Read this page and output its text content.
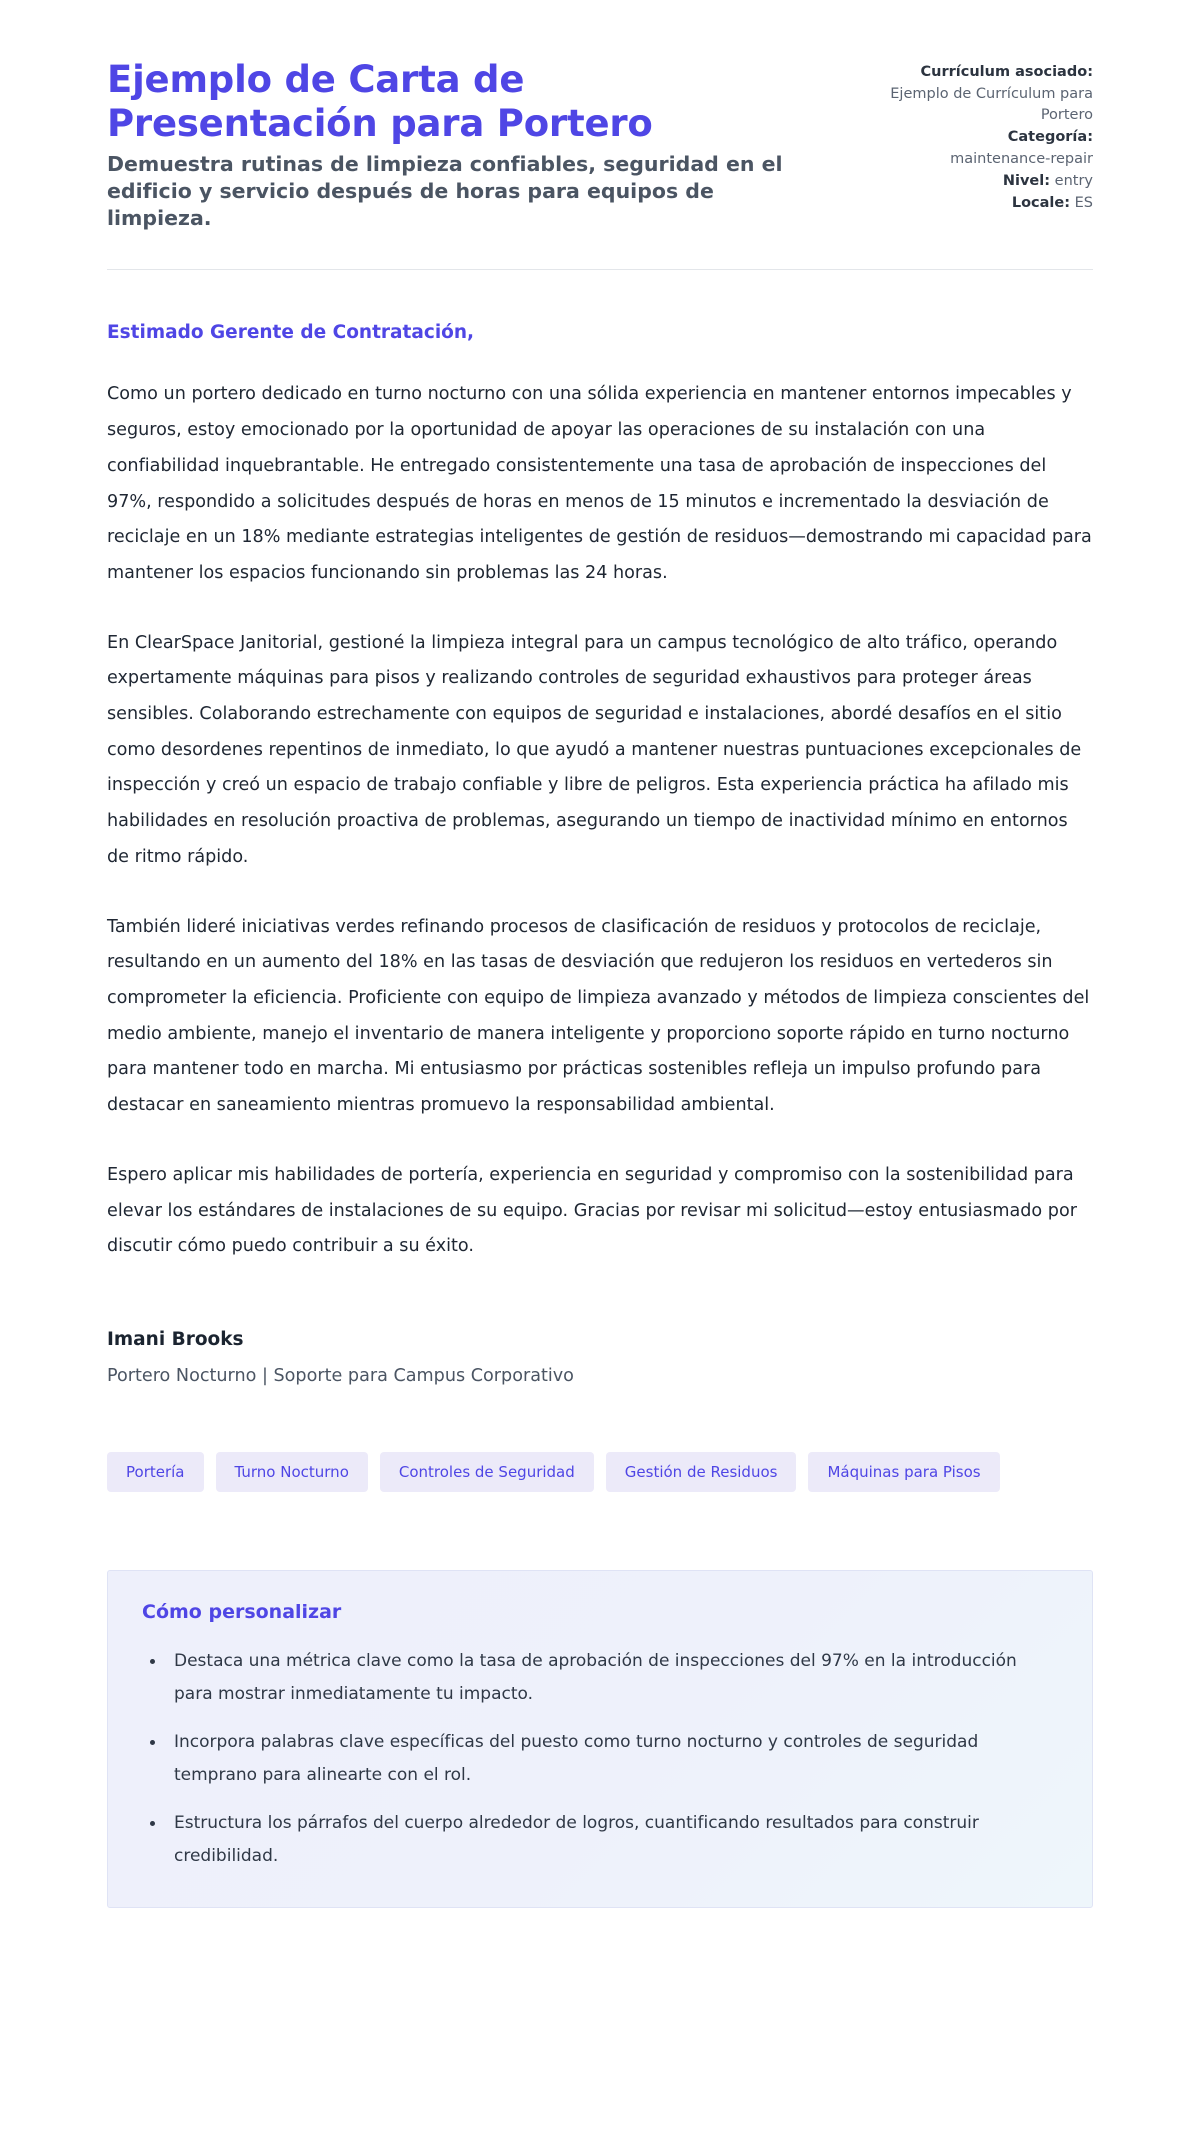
Ejemplo de Carta de Presentación para Portero

Demuestra rutinas de limpieza confiables, seguridad en el edificio y servicio después de horas para equipos de limpieza.

Currículum asociado:
Ejemplo de Currículum para Portero
Categoría:
maintenance-repair
Nivel: entry
Locale: ES

Estimado Gerente de Contratación,

Como un portero dedicado en turno nocturno con una sólida experiencia en mantener entornos impecables y seguros, estoy emocionado por la oportunidad de apoyar las operaciones de su instalación con una confiabilidad inquebrantable. He entregado consistentemente una tasa de aprobación de inspecciones del 97%, respondido a solicitudes después de horas en menos de 15 minutos e incrementado la desviación de reciclaje en un 18% mediante estrategias inteligentes de gestión de residuos—demostrando mi capacidad para mantener los espacios funcionando sin problemas las 24 horas.

En ClearSpace Janitorial, gestioné la limpieza integral para un campus tecnológico de alto tráfico, operando expertamente máquinas para pisos y realizando controles de seguridad exhaustivos para proteger áreas sensibles. Colaborando estrechamente con equipos de seguridad e instalaciones, abordé desafíos en el sitio como desordenes repentinos de inmediato, lo que ayudó a mantener nuestras puntuaciones excepcionales de inspección y creó un espacio de trabajo confiable y libre de peligros. Esta experiencia práctica ha afilado mis habilidades en resolución proactiva de problemas, asegurando un tiempo de inactividad mínimo en entornos de ritmo rápido.

También lideré iniciativas verdes refinando procesos de clasificación de residuos y protocolos de reciclaje, resultando en un aumento del 18% en las tasas de desviación que redujeron los residuos en vertederos sin comprometer la eficiencia. Proficiente con equipo de limpieza avanzado y métodos de limpieza conscientes del medio ambiente, manejo el inventario de manera inteligente y proporciono soporte rápido en turno nocturno para mantener todo en marcha. Mi entusiasmo por prácticas sostenibles refleja un impulso profundo para destacar en saneamiento mientras promuevo la responsabilidad ambiental.

Espero aplicar mis habilidades de portería, experiencia en seguridad y compromiso con la sostenibilidad para elevar los estándares de instalaciones de su equipo. Gracias por revisar mi solicitud—estoy entusiasmado por discutir cómo puedo contribuir a su éxito.

Imani Brooks

Portero Nocturno | Soporte para Campus Corporativo

Portería	Turno Nocturno	Controles de Seguridad	Gestión de Residuos	Máquinas para Pisos
Cómo personalizar
• Destaca una métrica clave como la tasa de aprobación de inspecciones del 97% en la introducción para mostrar inmediatamente tu impacto.
• Incorpora palabras clave específicas del puesto como turno nocturno y controles de seguridad temprano para alinearte con el rol.
• Estructura los párrafos del cuerpo alrededor de logros, cuantificando resultados para construir credibilidad.
